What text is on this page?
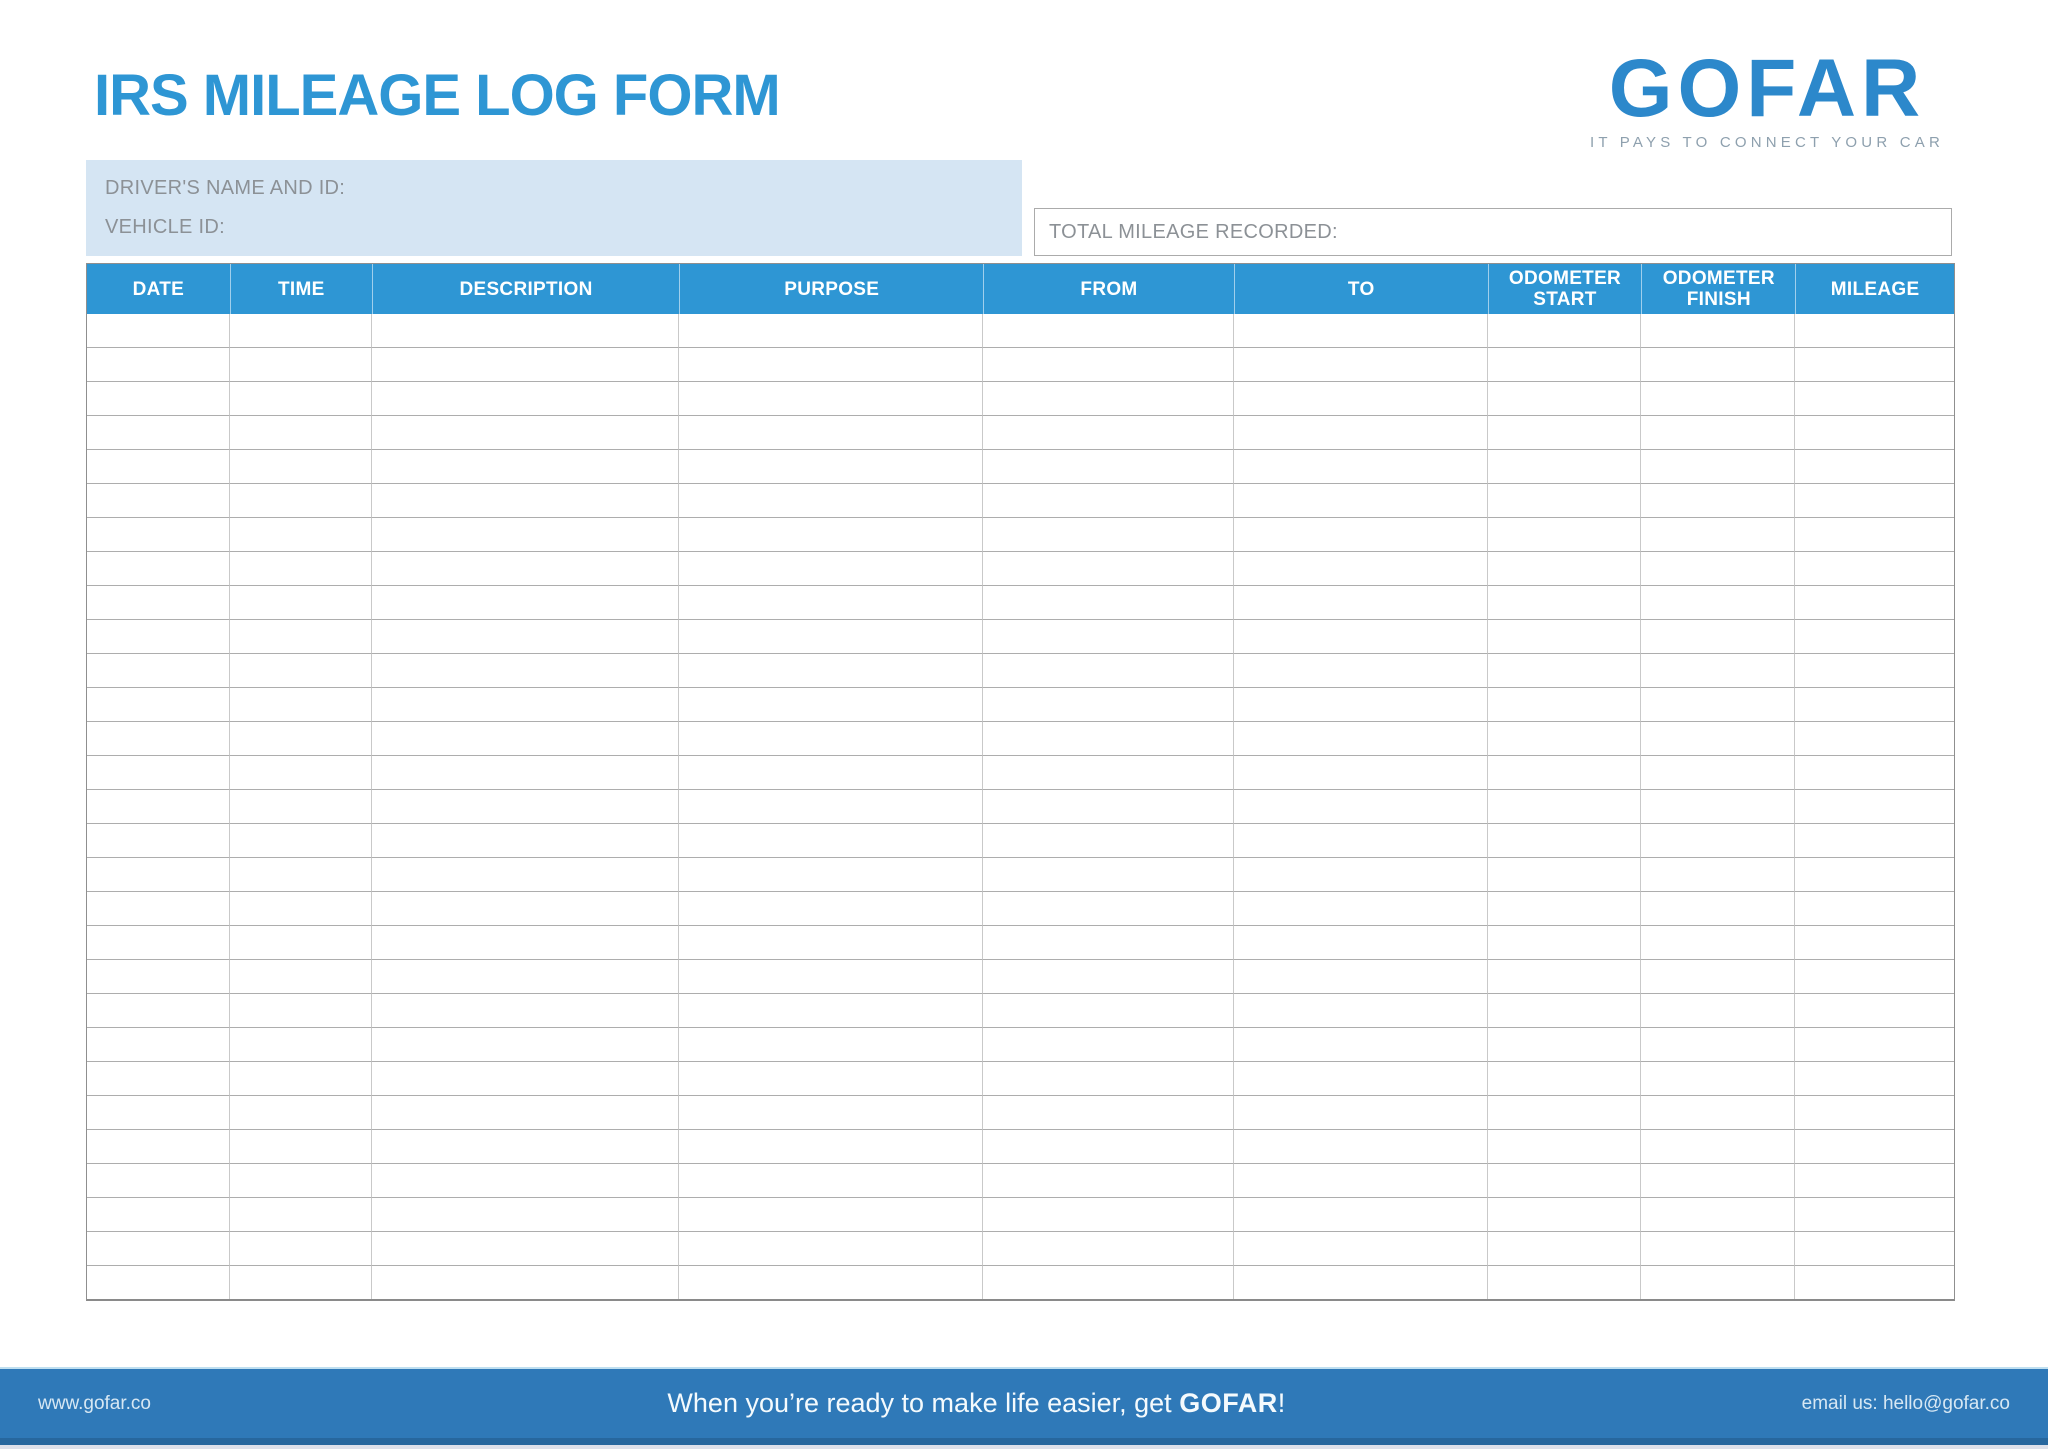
IRS MILEAGE LOG FORM	GOFAR
IT PAYS TO CONNECT YOUR CAR
DRIVER'S NAME AND ID:
VEHICLE ID:	TOTAL MILEAGE RECORDED:
DATE	TIME	DESCRIPTION	PURPOSE	FROM	TO	ODOMETER START	ODOMETER FINISH	MILEAGE

www.gofar.co	When you’re ready to make life easier, get GOFAR!	email us: hello@gofar.co
